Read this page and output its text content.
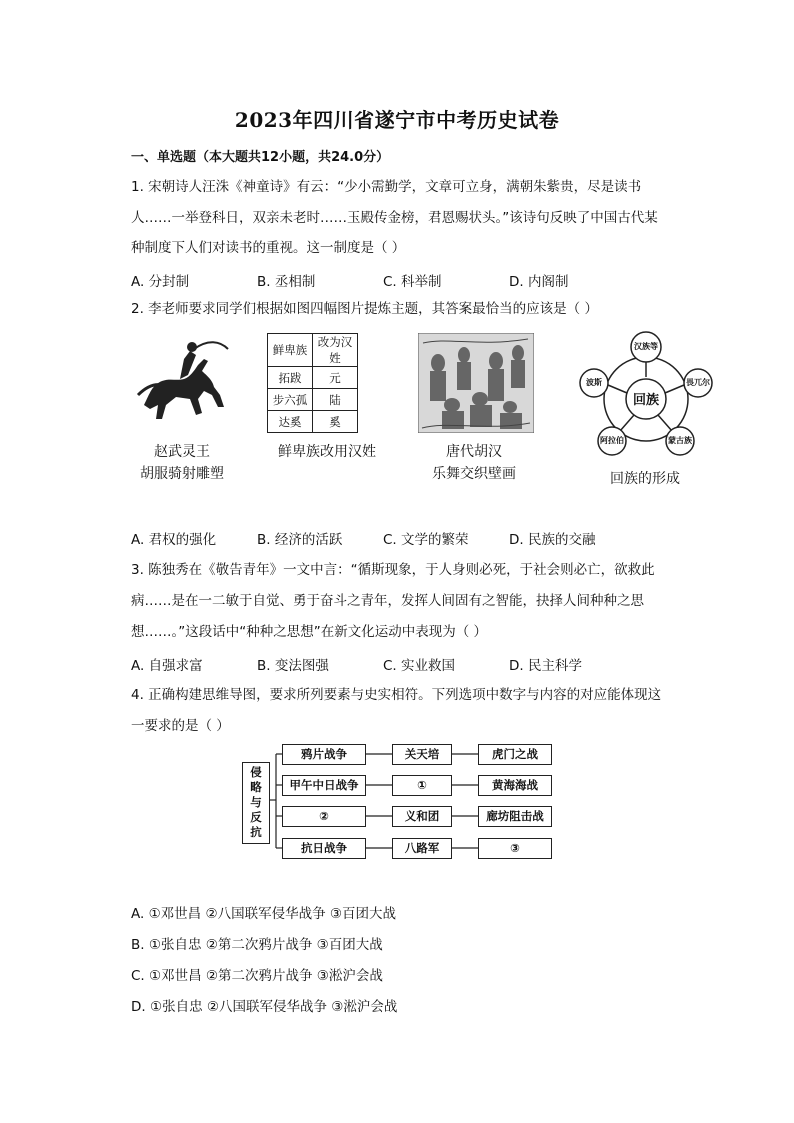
2023年四川省遂宁市中考历史试卷
一、单选题（本大题共12小题，共24.0分）
1. 宋朝诗人汪洙《神童诗》有云：“少小需勤学，文章可立身，满朝朱紫贵，尽是读书
人……一举登科日，双亲未老时……玉殿传金榜，君恩赐状头。”该诗句反映了中国古代某
种制度下人们对读书的重视。这一制度是（ ）
A. 分封制	B. 丞相制	C. 科举制	D. 内阁制
2. 李老师要求同学们根据如图四幅图片提炼主题，其答案最恰当的应该是（ ）
赵武灵王
胡服骑射雕塑
鲜卑族	改为汉姓
拓跋	元
步六孤	陆
达奚	奚
鲜卑族改用汉姓	唐代胡汉
乐舞交织壁画
回族
汉族等
畏兀尔
蒙古族
阿拉伯
波斯
回族的形成
A. 君权的强化	B. 经济的活跃	C. 文学的繁荣	D. 民族的交融
3. 陈独秀在《敬告青年》一文中言：“循斯现象，于人身则必死，于社会则必亡，欲救此
病……是在一二敏于自觉、勇于奋斗之青年，发挥人间固有之智能，抉择人间种种之思
想……。”这段话中“种种之思想”在新文化运动中表现为（ ）
A. 自强求富	B. 变法图强	C. 实业救国	D. 民主科学
4. 正确构建思维导图，要求所列要素与史实相符。下列选项中数字与内容的对应能体现这
一要求的是（ ）
侵
略
与
反
抗
鸦片战争	关天培	虎门之战
甲午中日战争	①	黄海海战
②	义和团	廊坊阻击战
抗日战争	八路军	③
A. ①邓世昌 ②八国联军侵华战争 ③百团大战
B. ①张自忠 ②第二次鸦片战争 ③百团大战
C. ①邓世昌 ②第二次鸦片战争 ③淞沪会战
D. ①张自忠 ②八国联军侵华战争 ③淞沪会战
